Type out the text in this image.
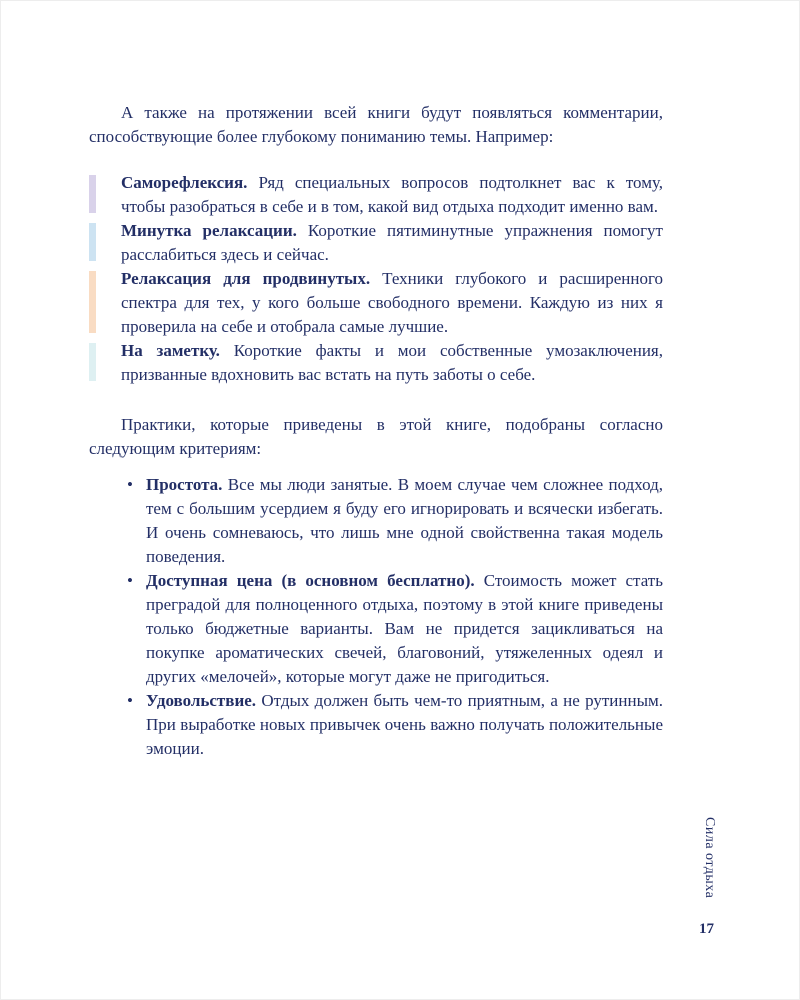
А также на протяжении всей книги будут появляться комментарии, способствующие более глубокому пониманию темы. Например:

Саморефлексия. Ряд специальных вопросов подтолкнет вас к тому, чтобы разобраться в себе и в том, какой вид отдыха подходит именно вам.
Минутка релаксации. Короткие пятиминутные упражнения помогут расслабиться здесь и сейчас.
Релаксация для продвинутых. Техники глубокого и расширенного спектра для тех, у кого больше свободного времени. Каждую из них я проверила на себе и отобрала самые лучшие.
На заметку. Короткие факты и мои собственные умозаключения, призванные вдохновить вас встать на путь заботы о себе.

Практики, которые приведены в этой книге, подобраны согласно следующим критериям:

• Простота. Все мы люди занятые. В моем случае чем сложнее подход, тем с большим усердием я буду его игнорировать и всячески избегать. И очень сомневаюсь, что лишь мне одной свойственна такая модель поведения.
• Доступная цена (в основном бесплатно). Стоимость может стать преградой для полноценного отдыха, поэтому в этой книге приведены только бюджетные варианты. Вам не придется зацикливаться на покупке ароматических свечей, благовоний, утяжеленных одеял и других «мелочей», которые могут даже не пригодиться.
• Удовольствие. Отдых должен быть чем-то приятным, а не рутинным. При выработке новых привычек очень важно получать положительные эмоции.
Сила отдыха
17
